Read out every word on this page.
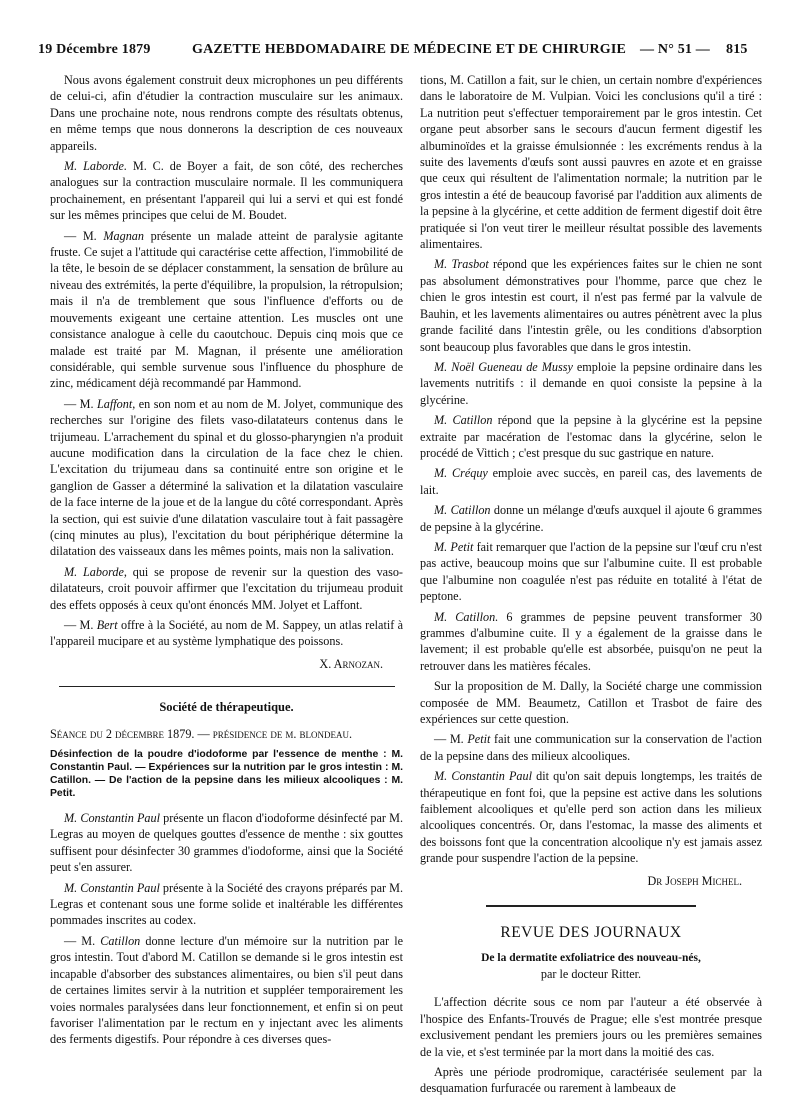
19 Décembre 1879	GAZETTE HEBDOMADAIRE DE MÉDECINE ET DE CHIRURGIE — N° 51 — 815

Nous avons également construit deux microphones un peu différents de celui-ci, afin d'étudier la contraction musculaire sur les animaux. Dans une prochaine note, nous rendrons compte des résultats obtenus, en même temps que nous donnerons la description de ces nouveaux appareils.

M. Laborde. M. C. de Boyer a fait, de son côté, des recherches analogues sur la contraction musculaire normale. Il les communiquera prochainement, en présentant l'appareil qui lui a servi et qui est fondé sur les mêmes principes que celui de M. Boudet.

— M. Magnan présente un malade atteint de paralysie agitante fruste. Ce sujet a l'attitude qui caractérise cette affection, l'immobilité de la tête, le besoin de se déplacer constamment, la sensation de brûlure au niveau des extrémités, la perte d'équilibre, la propulsion, la rétropulsion; mais il n'a de tremblement que sous l'influence d'efforts ou de mouvements exigeant une certaine attention. Les muscles ont une consistance analogue à celle du caoutchouc. Depuis cinq mois que ce malade est traité par M. Magnan, il présente une amélioration considérable, qui semble survenue sous l'influence du phosphure de zinc, médicament déjà recommandé par Hammond.

— M. Laffont, en son nom et au nom de M. Jolyet, communique des recherches sur l'origine des filets vaso-dilatateurs contenus dans le trijumeau. L'arrachement du spinal et du glosso-pharyngien n'a produit aucune modification dans la circulation de la face chez le chien. L'excitation du trijumeau dans sa continuité entre son origine et le ganglion de Gasser a déterminé la salivation et la dilatation vasculaire de la face interne de la joue et de la langue du côté correspondant. Après la section, qui est suivie d'une dilatation vasculaire tout à fait passagère (cinq minutes au plus), l'excitation du bout périphérique détermine la dilatation des vaisseaux dans les mêmes points, mais non la salivation.

M. Laborde, qui se propose de revenir sur la question des vaso-dilatateurs, croit pouvoir affirmer que l'excitation du trijumeau produit des effets opposés à ceux qu'ont énoncés MM. Jolyet et Laffont.

— M. Bert offre à la Société, au nom de M. Sappey, un atlas relatif à l'appareil mucipare et au système lymphatique des poissons.

X. Arnozan.

Société de thérapeutique.

Séance du 2 décembre 1879. — présidence de m. blondeau.

Désinfection de la poudre d'iodoforme par l'essence de menthe : M. Constantin Paul. — Expériences sur la nutrition par le gros intestin : M. Catillon. — De l'action de la pepsine dans les milieux alcooliques : M. Petit.

M. Constantin Paul présente un flacon d'iodoforme désinfecté par M. Legras au moyen de quelques gouttes d'essence de menthe : six gouttes suffisent pour désinfecter 30 grammes d'iodoforme, ainsi que la Société peut s'en assurer.

M. Constantin Paul présente à la Société des crayons préparés par M. Legras et contenant sous une forme solide et inaltérable les différentes pommades inscrites au codex.

— M. Catillon donne lecture d'un mémoire sur la nutrition par le gros intestin. Tout d'abord M. Catillon se demande si le gros intestin est incapable d'absorber des substances alimentaires, ou bien s'il peut dans de certaines limites servir à la nutrition et suppléer temporairement les voies normales paralysées dans leur fonctionnement, et enfin si on peut favoriser l'alimentation par le rectum en y injectant avec les aliments des ferments digestifs. Pour répondre à ces diverses ques-

tions, M. Catillon a fait, sur le chien, un certain nombre d'expériences dans le laboratoire de M. Vulpian. Voici les conclusions qu'il a tiré : La nutrition peut s'effectuer temporairement par le gros intestin. Cet organe peut absorber sans le secours d'aucun ferment digestif les albuminoïdes et la graisse émulsionnée : les excréments rendus à la suite des lavements d'œufs sont aussi pauvres en azote et en graisse que ceux qui résultent de l'alimentation normale; la nutrition par le gros intestin a été de beaucoup favorisé par l'addition aux aliments de la pepsine à la glycérine, et cette addition de ferment digestif doit être pratiquée si l'on veut tirer le meilleur résultat possible des lavements alimentaires.

M. Trasbot répond que les expériences faites sur le chien ne sont pas absolument démonstratives pour l'homme, parce que chez le chien le gros intestin est court, il n'est pas fermé par la valvule de Bauhin, et les lavements alimentaires ou autres pénètrent avec la plus grande facilité dans l'intestin grêle, ou les conditions d'absorption sont beaucoup plus favorables que dans le gros intestin.

M. Noël Gueneau de Mussy emploie la pepsine ordinaire dans les lavements nutritifs : il demande en quoi consiste la pepsine à la glycérine.

M. Catillon répond que la pepsine à la glycérine est la pepsine extraite par macération de l'estomac dans la glycérine, selon le procédé de Vittich ; c'est presque du suc gastrique en nature.

M. Créquy emploie avec succès, en pareil cas, des lavements de lait.

M. Catillon donne un mélange d'œufs auxquel il ajoute 6 grammes de pepsine à la glycérine.

M. Petit fait remarquer que l'action de la pepsine sur l'œuf cru n'est pas active, beaucoup moins que sur l'albumine cuite. Il est probable que l'albumine non coagulée n'est pas réduite en totalité à l'état de peptone.

M. Catillon. 6 grammes de pepsine peuvent transformer 30 grammes d'albumine cuite. Il y a également de la graisse dans le lavement; il est probable qu'elle est absorbée, puisqu'on ne peut la retrouver dans les matières fécales.

Sur la proposition de M. Dally, la Société charge une commission composée de MM. Beaumetz, Catillon et Trasbot de faire des expériences sur cette question.

— M. Petit fait une communication sur la conservation de l'action de la pepsine dans des milieux alcooliques.

M. Constantin Paul dit qu'on sait depuis longtemps, les traités de thérapeutique en font foi, que la pepsine est active dans les solutions faiblement alcooliques et qu'elle perd son action dans les milieux alcooliques concentrés. Or, dans l'estomac, la masse des aliments et des boissons font que la concentration alcoolique n'y est jamais assez grande pour suspendre l'action de la pepsine.

Dr Joseph Michel.

REVUE DES JOURNAUX

De la dermatite exfoliatrice des nouveau-nés,

par le docteur Ritter.

L'affection décrite sous ce nom par l'auteur a été observée à l'hospice des Enfants-Trouvés de Prague; elle s'est montrée presque exclusivement pendant les premiers jours ou les premières semaines de la vie, et s'est terminée par la mort dans la moitié des cas.

Après une période prodromique, caractérisée seulement par la desquamation furfuracée ou rarement à lambeaux de
